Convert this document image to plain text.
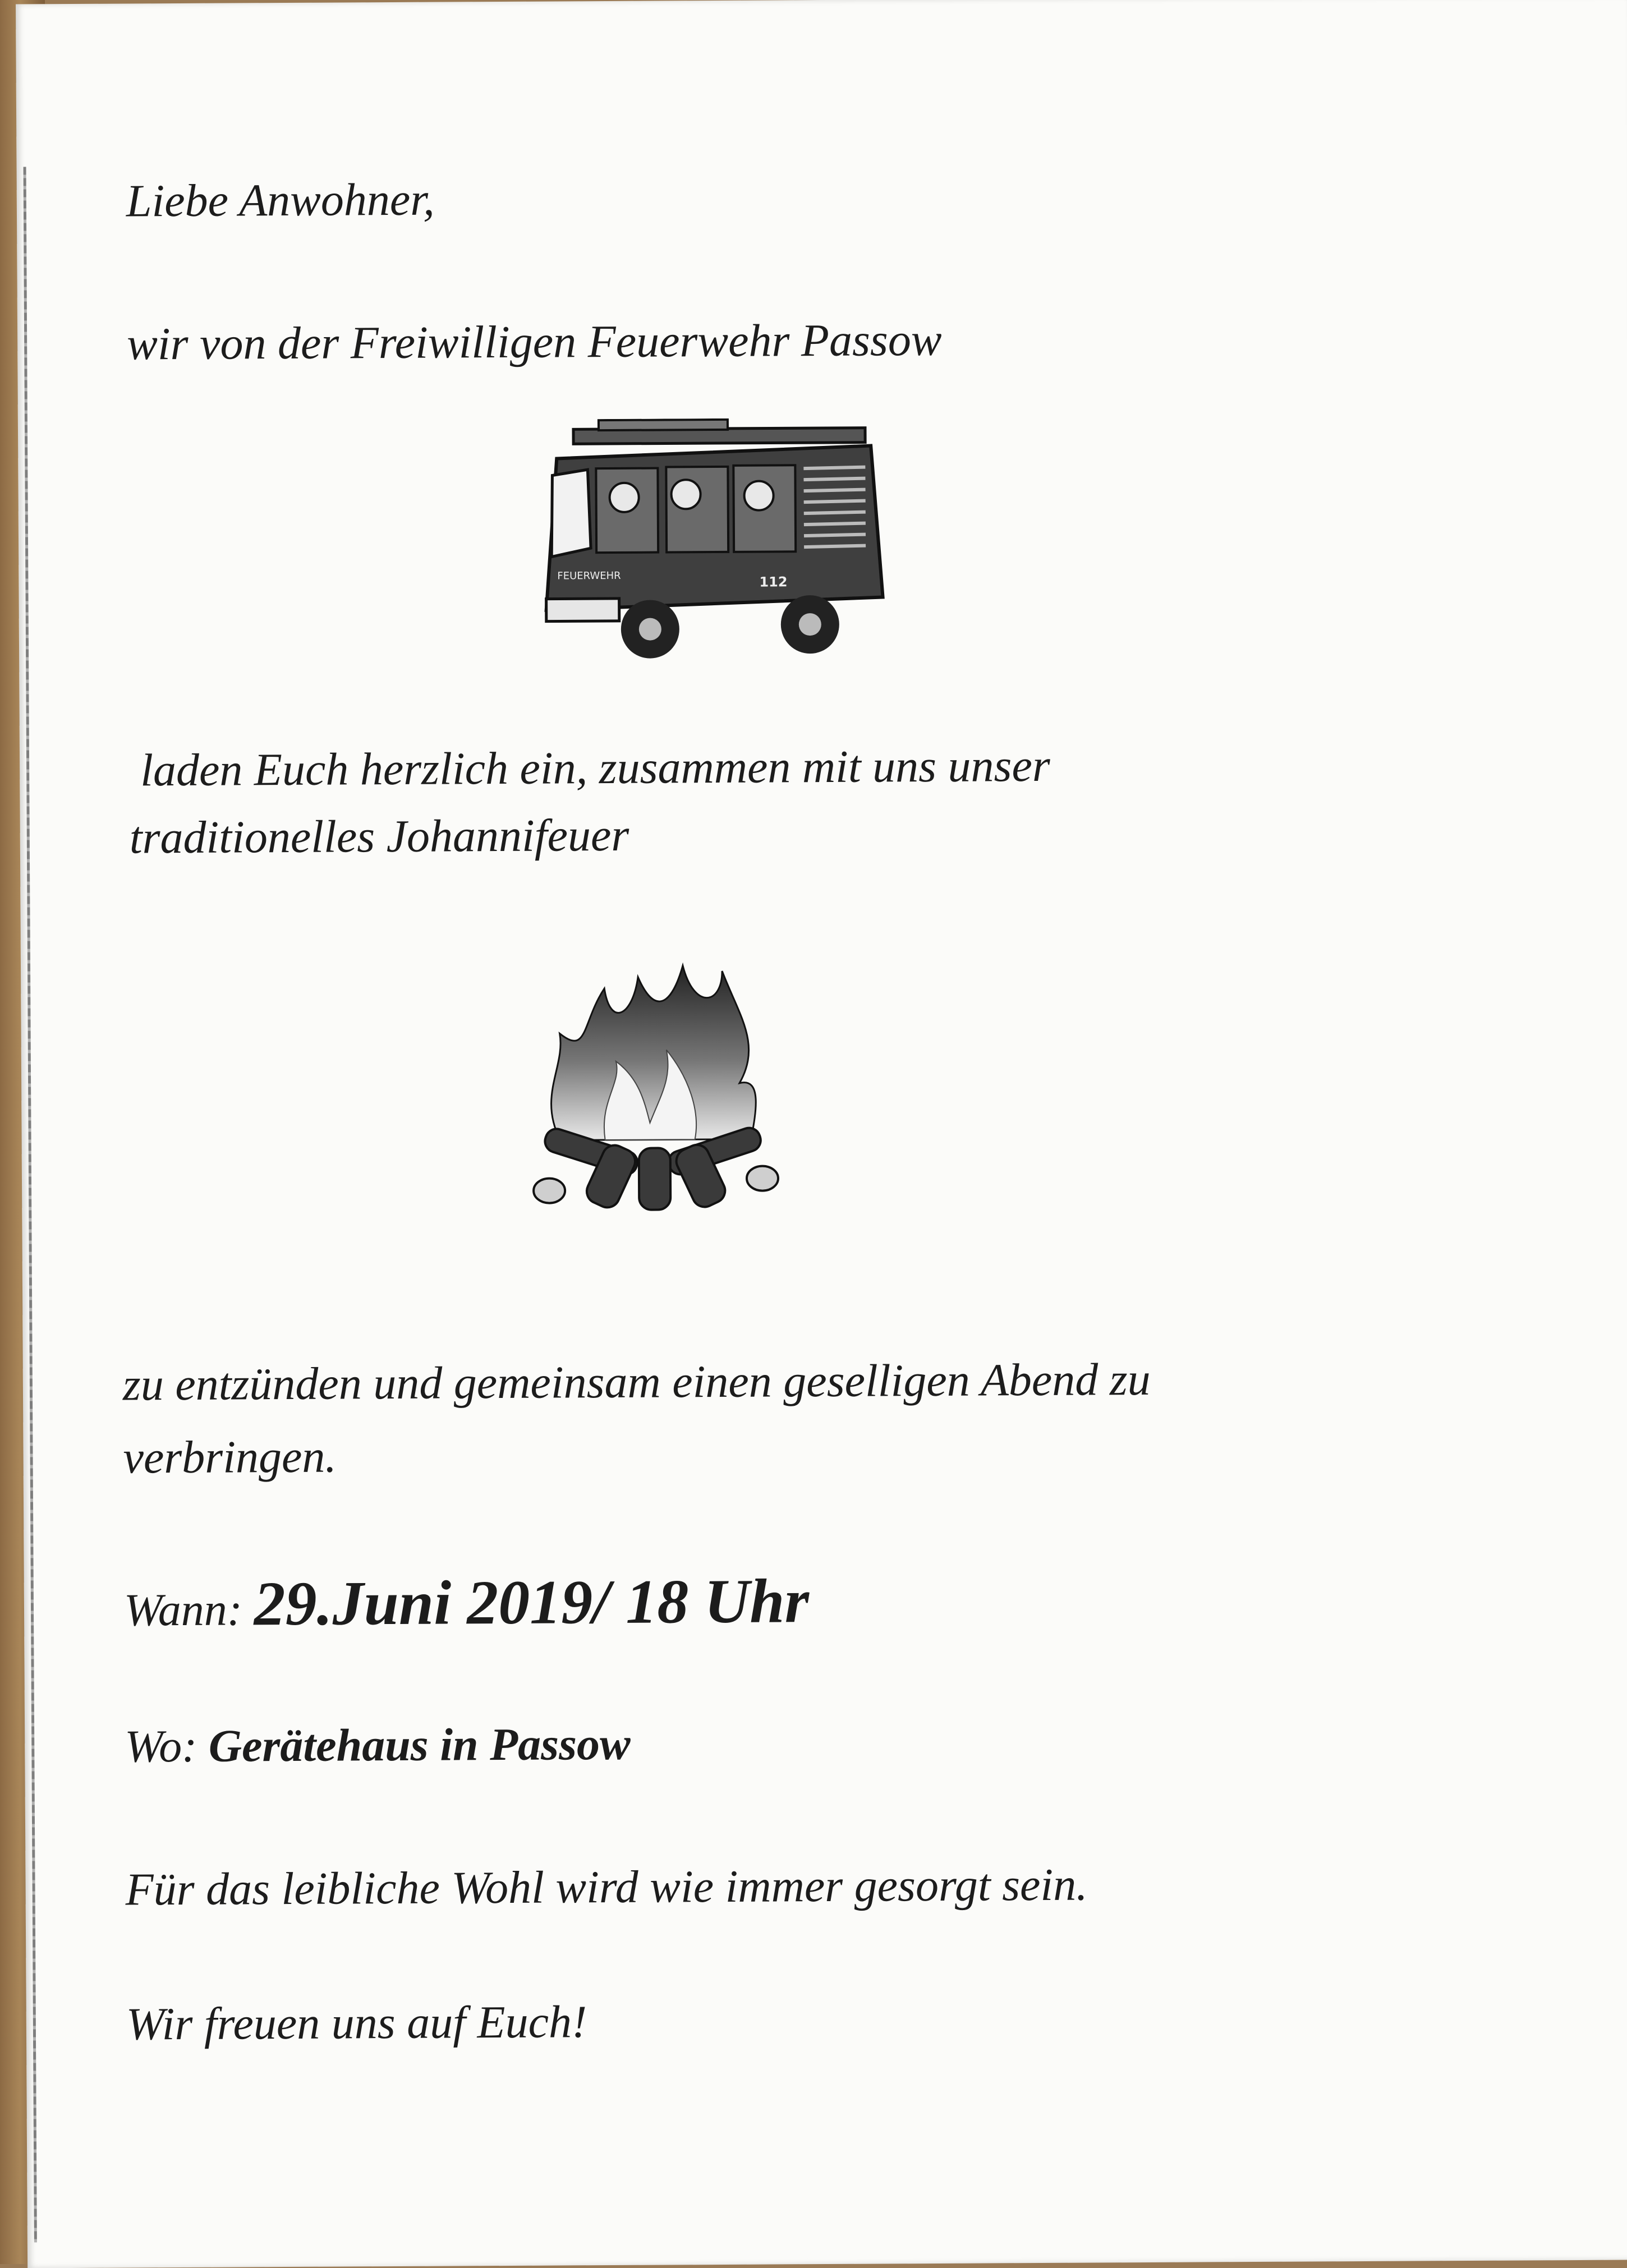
Liebe Anwohner,

wir von der Freiwilligen Feuerwehr Passow

FEUERWEHR	112

laden Euch herzlich ein, zusammen mit uns unser

traditionelles Johannifeuer

zu entzünden und gemeinsam einen geselligen Abend zu

verbringen.

Wann: 29.Juni 2019/ 18 Uhr
Wo: Gerätehaus in Passow

Für das leibliche Wohl wird wie immer gesorgt sein.

Wir freuen uns auf Euch!
